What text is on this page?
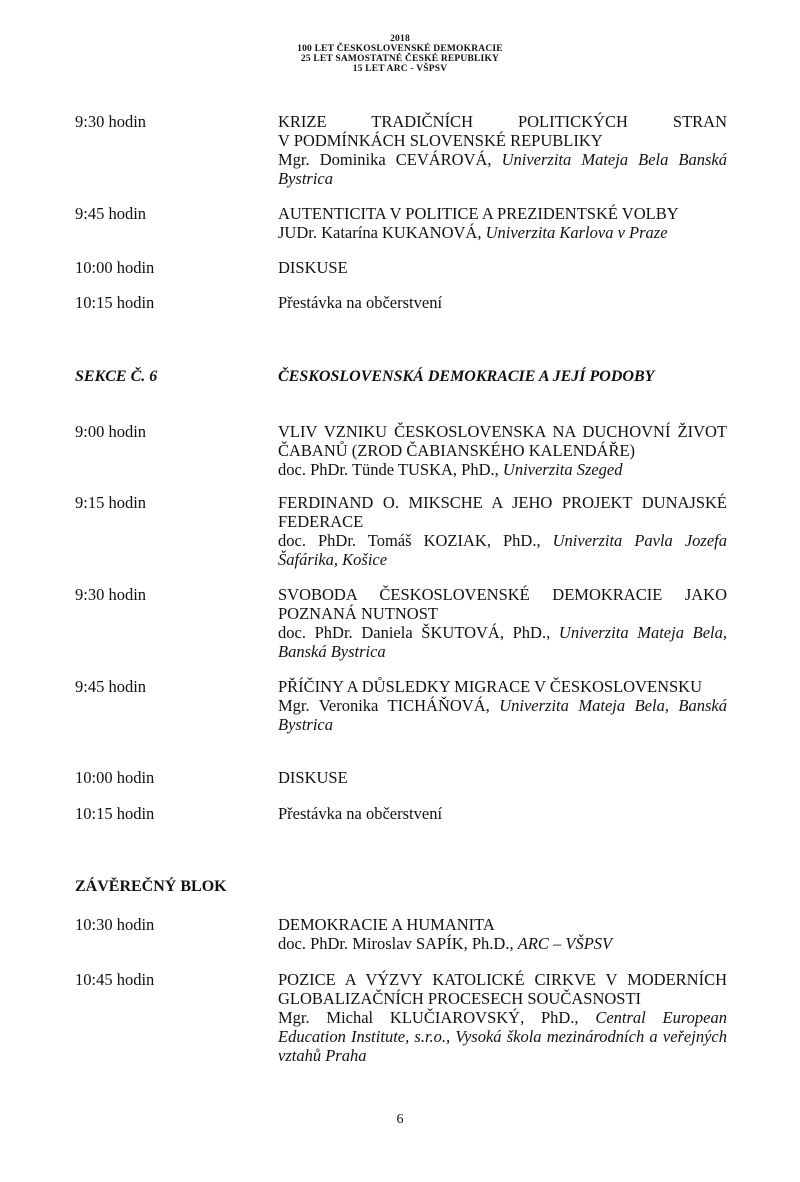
2018
100 LET ČESKOSLOVENSKÉ DEMOKRACIE
25 LET SAMOSTATNÉ ČESKÉ REPUBLIKY
15 LET ARC - VŠPSV
9:30 hodin	KRIZE TRADIČNÍCH POLITICKÝCH STRAN
V PODMÍNKÁCH SLOVENSKÉ REPUBLIKY
Mgr. Dominika CEVÁROVÁ, Univerzita Mateja Bela Banská Bystrica
9:45 hodin	AUTENTICITA V POLITICE A PREZIDENTSKÉ VOLBY
JUDr. Katarína KUKANOVÁ, Univerzita Karlova v Praze
10:00 hodin	DISKUSE
10:15 hodin	Přestávka na občerstvení
SEKCE Č. 6	ČESKOSLOVENSKÁ DEMOKRACIE A JEJÍ PODOBY
9:00 hodin	VLIV VZNIKU ČESKOSLOVENSKA NA DUCHOVNÍ ŽIVOT
ČABANŮ (ZROD ČABIANSKÉHO KALENDÁŘE)
doc. PhDr. Tünde TUSKA, PhD., Univerzita Szeged
9:15 hodin	FERDINAND O. MIKSCHE A JEHO PROJEKT DUNAJSKÉ
FEDERACE
doc. PhDr. Tomáš KOZIAK, PhD., Univerzita Pavla Jozefa Šafárika, Košice
9:30 hodin	SVOBODA ČESKOSLOVENSKÉ DEMOKRACIE JAKO
POZNANÁ NUTNOST
doc. PhDr. Daniela ŠKUTOVÁ, PhD., Univerzita Mateja Bela, Banská Bystrica
9:45 hodin	PŘÍČINY A DŮSLEDKY MIGRACE V ČESKOSLOVENSKU
Mgr. Veronika TICHÁŇOVÁ, Univerzita Mateja Bela, Banská Bystrica
10:00 hodin	DISKUSE
10:15 hodin	Přestávka na občerstvení
ZÁVĚREČNÝ BLOK
10:30 hodin	DEMOKRACIE A HUMANITA
doc. PhDr. Miroslav SAPÍK, Ph.D., ARC – VŠPSV
10:45 hodin	POZICE A VÝZVY KATOLICKÉ CIRKVE V MODERNÍCH
GLOBALIZAČNÍCH PROCESECH SOUČASNOSTI
Mgr. Michal KLUČIAROVSKÝ, PhD., Central European Education Institute, s.r.o., Vysoká škola mezinárodních a veřejných vztahů Praha
6
